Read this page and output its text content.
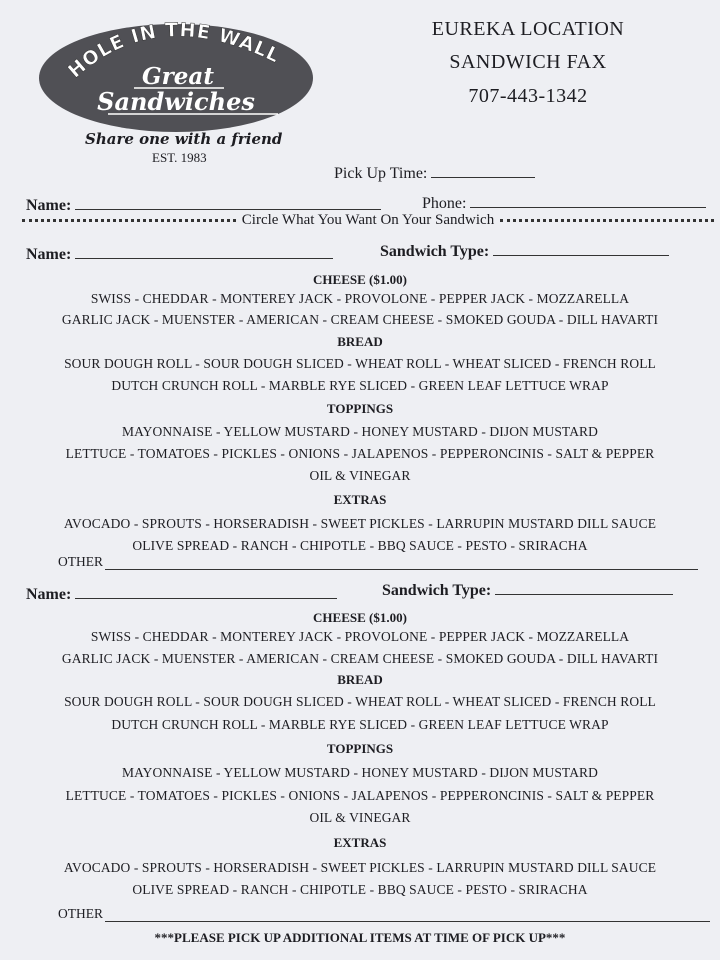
HOLE IN THE WALL
Great
Sandwiches
Share one with a friend
EST. 1983
EUREKA LOCATION
SANDWICH FAX
707-443-1342
Pick Up Time:
Name:	Phone:
Circle What You Want On Your Sandwich
Name:	Sandwich Type:

CHEESE ($1.00)

SWISS - CHEDDAR - MONTEREY JACK - PROVOLONE - PEPPER JACK - MOZZARELLA

GARLIC JACK - MUENSTER - AMERICAN - CREAM CHEESE - SMOKED GOUDA - DILL HAVARTI

BREAD

SOUR DOUGH ROLL - SOUR DOUGH SLICED - WHEAT ROLL - WHEAT SLICED - FRENCH ROLL

DUTCH CRUNCH ROLL - MARBLE RYE SLICED - GREEN LEAF LETTUCE WRAP

TOPPINGS

MAYONNAISE - YELLOW MUSTARD - HONEY MUSTARD - DIJON MUSTARD

LETTUCE - TOMATOES - PICKLES - ONIONS - JALAPENOS - PEPPERONCINIS - SALT & PEPPER

OIL & VINEGAR

EXTRAS

AVOCADO - SPROUTS - HORSERADISH - SWEET PICKLES - LARRUPIN MUSTARD DILL SAUCE

OLIVE SPREAD - RANCH - CHIPOTLE - BBQ SAUCE - PESTO - SRIRACHA

OTHER
Name:	Sandwich Type:

CHEESE ($1.00)

SWISS - CHEDDAR - MONTEREY JACK - PROVOLONE - PEPPER JACK - MOZZARELLA

GARLIC JACK - MUENSTER - AMERICAN - CREAM CHEESE - SMOKED GOUDA - DILL HAVARTI

BREAD

SOUR DOUGH ROLL - SOUR DOUGH SLICED - WHEAT ROLL - WHEAT SLICED - FRENCH ROLL

DUTCH CRUNCH ROLL - MARBLE RYE SLICED - GREEN LEAF LETTUCE WRAP

TOPPINGS

MAYONNAISE - YELLOW MUSTARD - HONEY MUSTARD - DIJON MUSTARD

LETTUCE - TOMATOES - PICKLES - ONIONS - JALAPENOS - PEPPERONCINIS - SALT & PEPPER

OIL & VINEGAR

EXTRAS

AVOCADO - SPROUTS - HORSERADISH - SWEET PICKLES - LARRUPIN MUSTARD DILL SAUCE

OLIVE SPREAD - RANCH - CHIPOTLE - BBQ SAUCE - PESTO - SRIRACHA

OTHER
***PLEASE PICK UP ADDITIONAL ITEMS AT TIME OF PICK UP***
